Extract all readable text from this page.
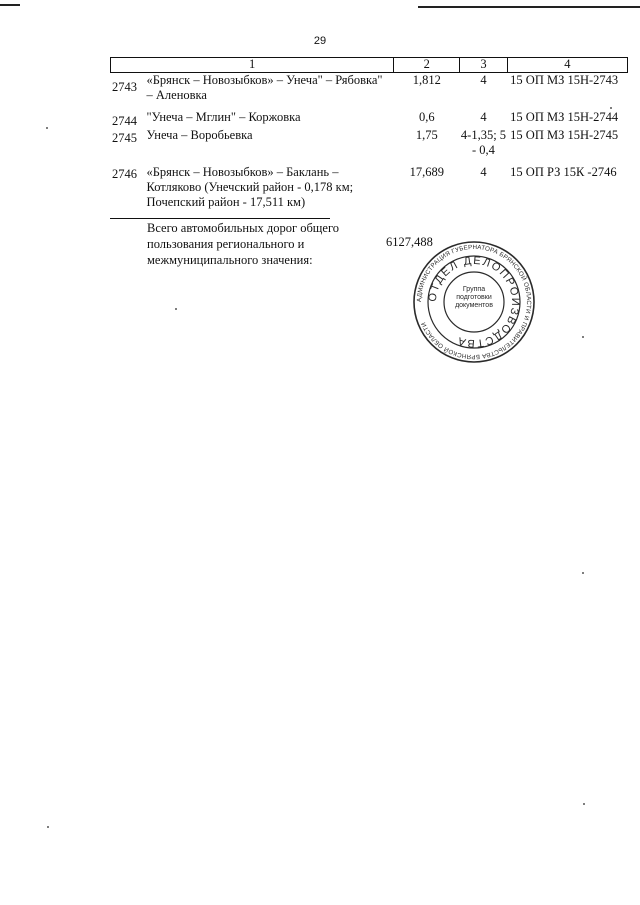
29
1	2	3	4
«Брянск – Новозыбков» – Унеча" – Рябовка" – Аленовка	1,812	4	15 ОП МЗ 15Н-2743
"Унеча – Мглин" – Коржовка	0,6	4	15 ОП МЗ 15Н-2744
Унеча – Воробьевка	1,75	4-1,35; 5 - 0,4	15 ОП МЗ 15Н-2745
«Брянск – Новозыбков» – Баклань – Котляково (Унечский район - 0,178 км; Почепский район - 17,511 км)	17,689	4	15 ОП РЗ 15К -2746
2743
2744
2745
2746
Всего автомобильных дорог общего пользования регионального и межмуниципального значения:
6127,488
АДМИНИСТРАЦИЯ ГУБЕРНАТОРА БРЯНСКОЙ ОБЛАСТИ И ПРАВИТЕЛЬСТВА БРЯНСКОЙ ОБЛАСТИ
ОТДЕЛ ДЕЛОПРОИЗВОДСТВА
Группа подготовки документов
